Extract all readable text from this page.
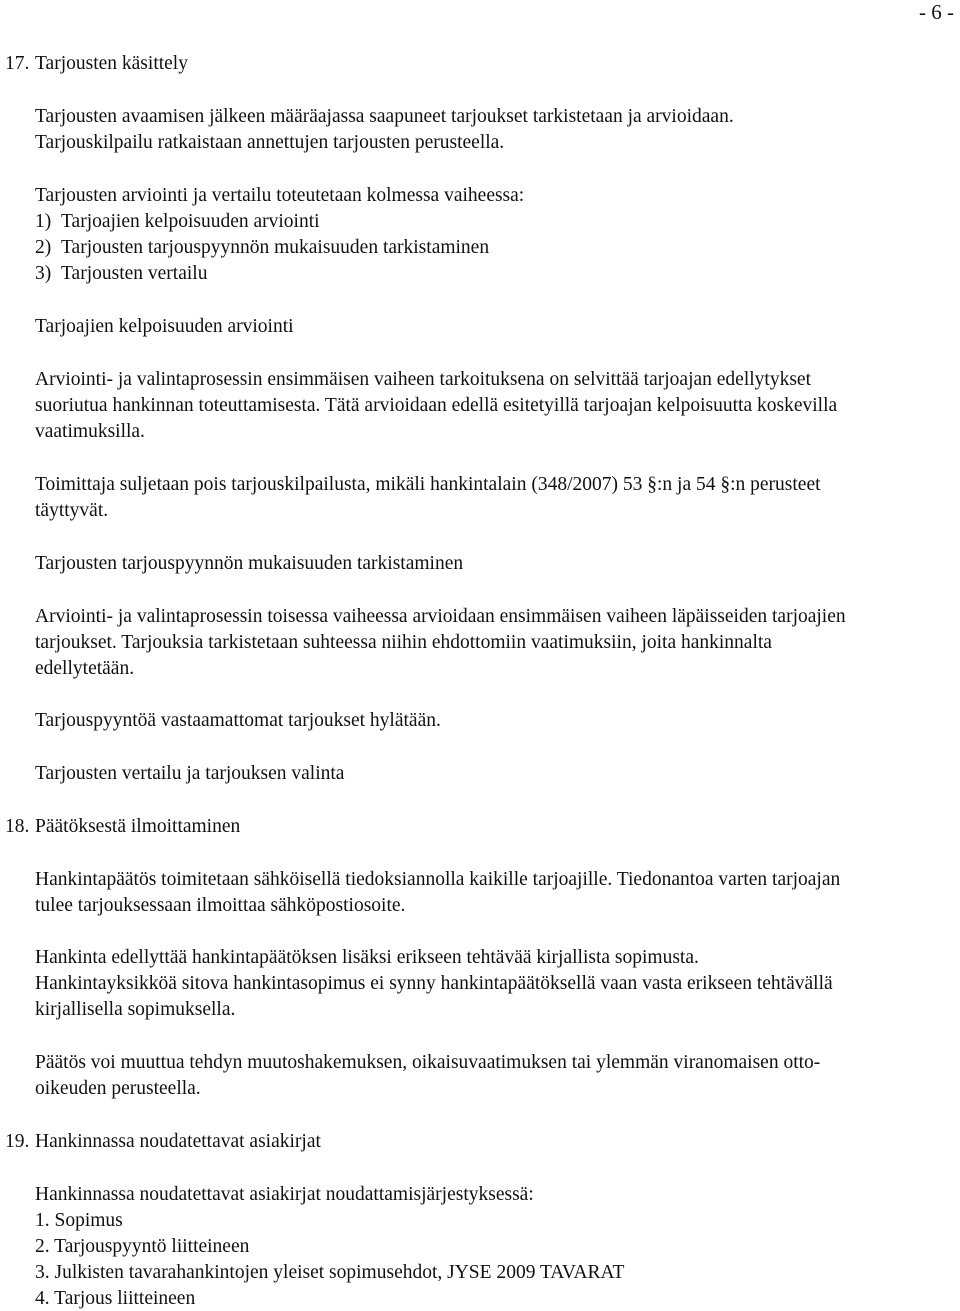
- 6 -
17. Tarjousten käsittely
Tarjousten avaamisen jälkeen määräajassa saapuneet tarjoukset tarkistetaan ja arvioidaan.
Tarjouskilpailu ratkaistaan annettujen tarjousten perusteella.
Tarjousten arviointi ja vertailu toteutetaan kolmessa vaiheessa:
1)  Tarjoajien kelpoisuuden arviointi
2)  Tarjousten tarjouspyynnön mukaisuuden tarkistaminen
3)  Tarjousten vertailu
Tarjoajien kelpoisuuden arviointi
Arviointi- ja valintaprosessin ensimmäisen vaiheen tarkoituksena on selvittää tarjoajan edellytykset
suoriutua hankinnan toteuttamisesta. Tätä arvioidaan edellä esitetyillä tarjoajan kelpoisuutta koskevilla
vaatimuksilla.
Toimittaja suljetaan pois tarjouskilpailusta, mikäli hankintalain (348/2007) 53 §:n ja 54 §:n perusteet
täyttyvät.
Tarjousten tarjouspyynnön mukaisuuden tarkistaminen
Arviointi- ja valintaprosessin toisessa vaiheessa arvioidaan ensimmäisen vaiheen läpäisseiden tarjoajien
tarjoukset. Tarjouksia tarkistetaan suhteessa niihin ehdottomiin vaatimuksiin, joita hankinnalta
edellytetään.
Tarjouspyyntöä vastaamattomat tarjoukset hylätään.
Tarjousten vertailu ja tarjouksen valinta
18. Päätöksestä ilmoittaminen
Hankintapäätös toimitetaan sähköisellä tiedoksiannolla kaikille tarjoajille. Tiedonantoa varten tarjoajan
tulee tarjouksessaan ilmoittaa sähköpostiosoite.
Hankinta edellyttää hankintapäätöksen lisäksi erikseen tehtävää kirjallista sopimusta.
Hankintayksikköä sitova hankintasopimus ei synny hankintapäätöksellä vaan vasta erikseen tehtävällä
kirjallisella sopimuksella.
Päätös voi muuttua tehdyn muutoshakemuksen, oikaisuvaatimuksen tai ylemmän viranomaisen otto-
oikeuden perusteella.
19. Hankinnassa noudatettavat asiakirjat
Hankinnassa noudatettavat asiakirjat noudattamisjärjestyksessä:
1. Sopimus
2. Tarjouspyyntö liitteineen
3. Julkisten tavarahankintojen yleiset sopimusehdot, JYSE 2009 TAVARAT
4. Tarjous liitteineen
